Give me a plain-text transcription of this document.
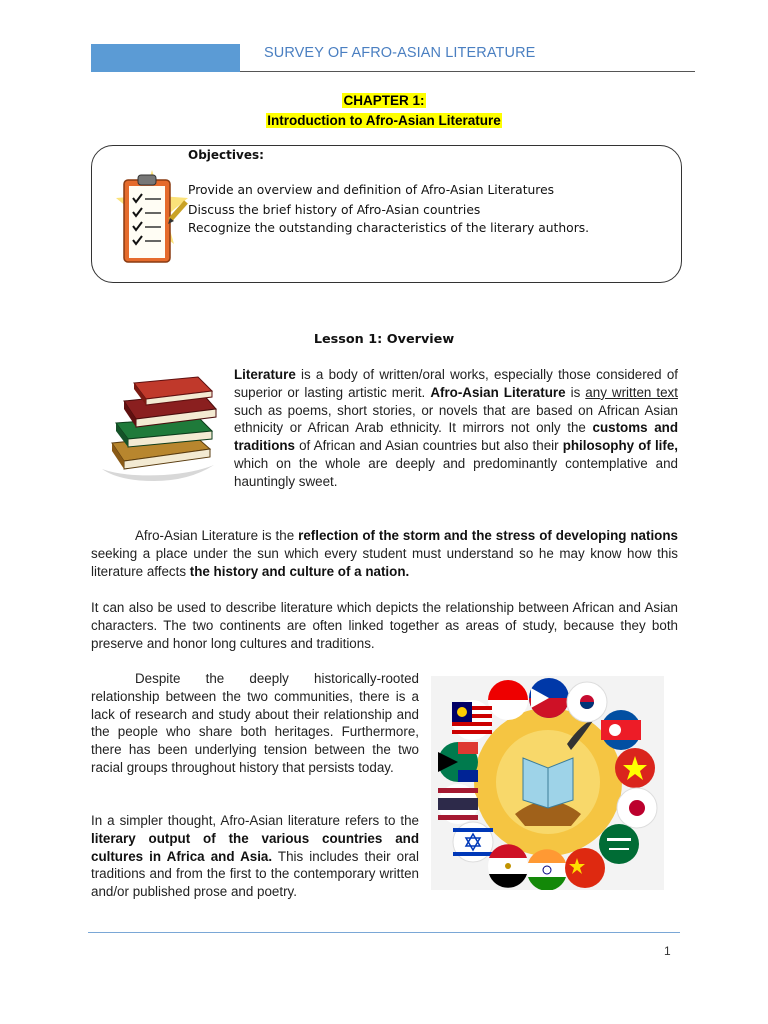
SURVEY OF AFRO-ASIAN LITERATURE
CHAPTER 1:
Introduction to Afro-Asian Literature
Objectives:
Provide an overview and definition of Afro-Asian Literatures
Discuss the brief history of Afro-Asian countries
Recognize the outstanding characteristics of the literary authors.
Lesson 1: Overview
Literature is a body of written/oral works, especially those considered of superior or lasting artistic merit. Afro-Asian Literature is any written text such as poems, short stories, or novels that are based on African Asian ethnicity or African Arab ethnicity. It mirrors not only the customs and traditions of African and Asian countries but also their philosophy of life, which on the whole are deeply and predominantly contemplative and hauntingly sweet.
Afro-Asian Literature is the reflection of the storm and the stress of developing nations seeking a place under the sun which every student must understand so he may know how this literature affects the history and culture of a nation.
It can also be used to describe literature which depicts the relationship between African and Asian characters. The two continents are often linked together as areas of study, because they both preserve and honor long cultures and traditions.
Despite the deeply historically-rooted relationship between the two communities, there is a lack of research and study about their relationship and the people who share both heritages. Furthermore, there has been underlying tension between the two racial groups throughout history that persists today.
In a simpler thought, Afro-Asian literature refers to the literary output of the various countries and cultures in Africa and Asia. This includes their oral traditions and from the first to the contemporary written and/or published prose and poetry.
1
